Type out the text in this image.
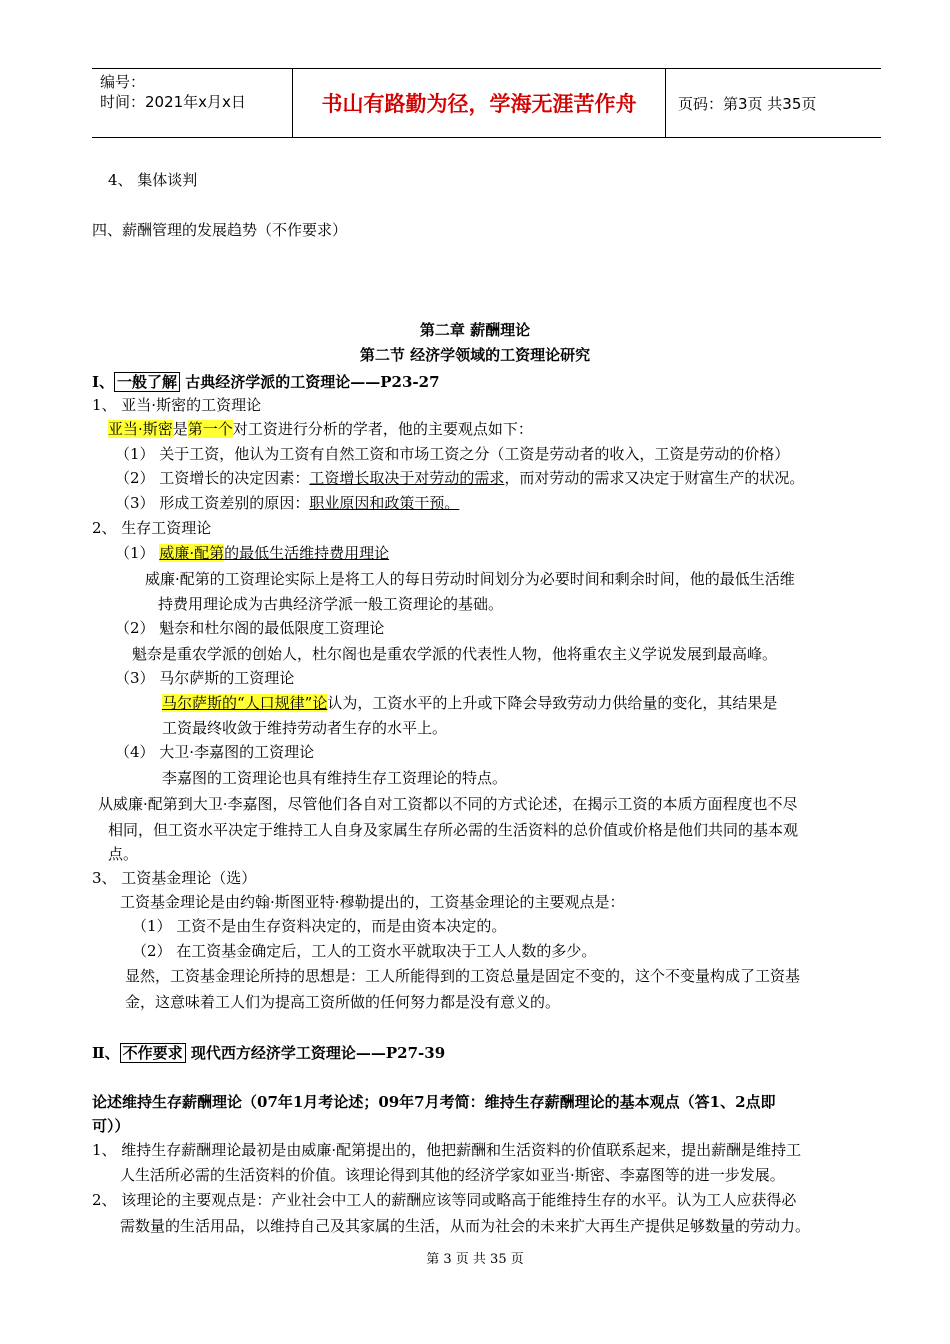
编号：
时间：2021年x月x日	书山有路勤为径，学海无涯苦作舟	页码：第3页 共35页
4、 集体谈判
四、薪酬管理的发展趋势（不作要求）
第二章 薪酬理论
第二节 经济学领域的工资理论研究
Ⅰ、 一般了解 古典经济学派的工资理论——P23-27
1、 亚当·斯密的工资理论
亚当·斯密是第一个对工资进行分析的学者，他的主要观点如下：
（1） 关于工资，他认为工资有自然工资和市场工资之分（工资是劳动者的收入，工资是劳动的价格）
（2） 工资增长的决定因素：工资增长取决于对劳动的需求，而对劳动的需求又决定于财富生产的状况。
（3） 形成工资差别的原因：职业原因和政策干预。
2、 生存工资理论
（1） 威廉·配第的最低生活维持费用理论
威廉·配第的工资理论实际上是将工人的每日劳动时间划分为必要时间和剩余时间，他的最低生活维
持费用理论成为古典经济学派一般工资理论的基础。
（2） 魁奈和杜尔阁的最低限度工资理论
魁奈是重农学派的创始人，杜尔阁也是重农学派的代表性人物，他将重农主义学说发展到最高峰。
（3） 马尔萨斯的工资理论
马尔萨斯的“人口规律”论认为，工资水平的上升或下降会导致劳动力供给量的变化，其结果是
工资最终收敛于维持劳动者生存的水平上。
（4） 大卫·李嘉图的工资理论
李嘉图的工资理论也具有维持生存工资理论的特点。
从威廉·配第到大卫·李嘉图，尽管他们各自对工资都以不同的方式论述，在揭示工资的本质方面程度也不尽
相同，但工资水平决定于维持工人自身及家属生存所必需的生活资料的总价值或价格是他们共同的基本观
点。
3、 工资基金理论（选）
工资基金理论是由约翰·斯图亚特·穆勒提出的，工资基金理论的主要观点是：
（1） 工资不是由生存资料决定的，而是由资本决定的。
（2） 在工资基金确定后，工人的工资水平就取决于工人人数的多少。
显然，工资基金理论所持的思想是：工人所能得到的工资总量是固定不变的，这个不变量构成了工资基
金，这意味着工人们为提高工资所做的任何努力都是没有意义的。
Ⅱ、 不作要求 现代西方经济学工资理论——P27-39
论述维持生存薪酬理论（07年1月考论述；09年7月考简：维持生存薪酬理论的基本观点（答1、2点即
可））
1、 维持生存薪酬理论最初是由威廉·配第提出的，他把薪酬和生活资料的价值联系起来，提出薪酬是维持工
人生活所必需的生活资料的价值。该理论得到其他的经济学家如亚当·斯密、李嘉图等的进一步发展。
2、 该理论的主要观点是：产业社会中工人的薪酬应该等同或略高于能维持生存的水平。认为工人应获得必
需数量的生活用品，以维持自己及其家属的生活，从而为社会的未来扩大再生产提供足够数量的劳动力。
第 3 页 共 35 页
